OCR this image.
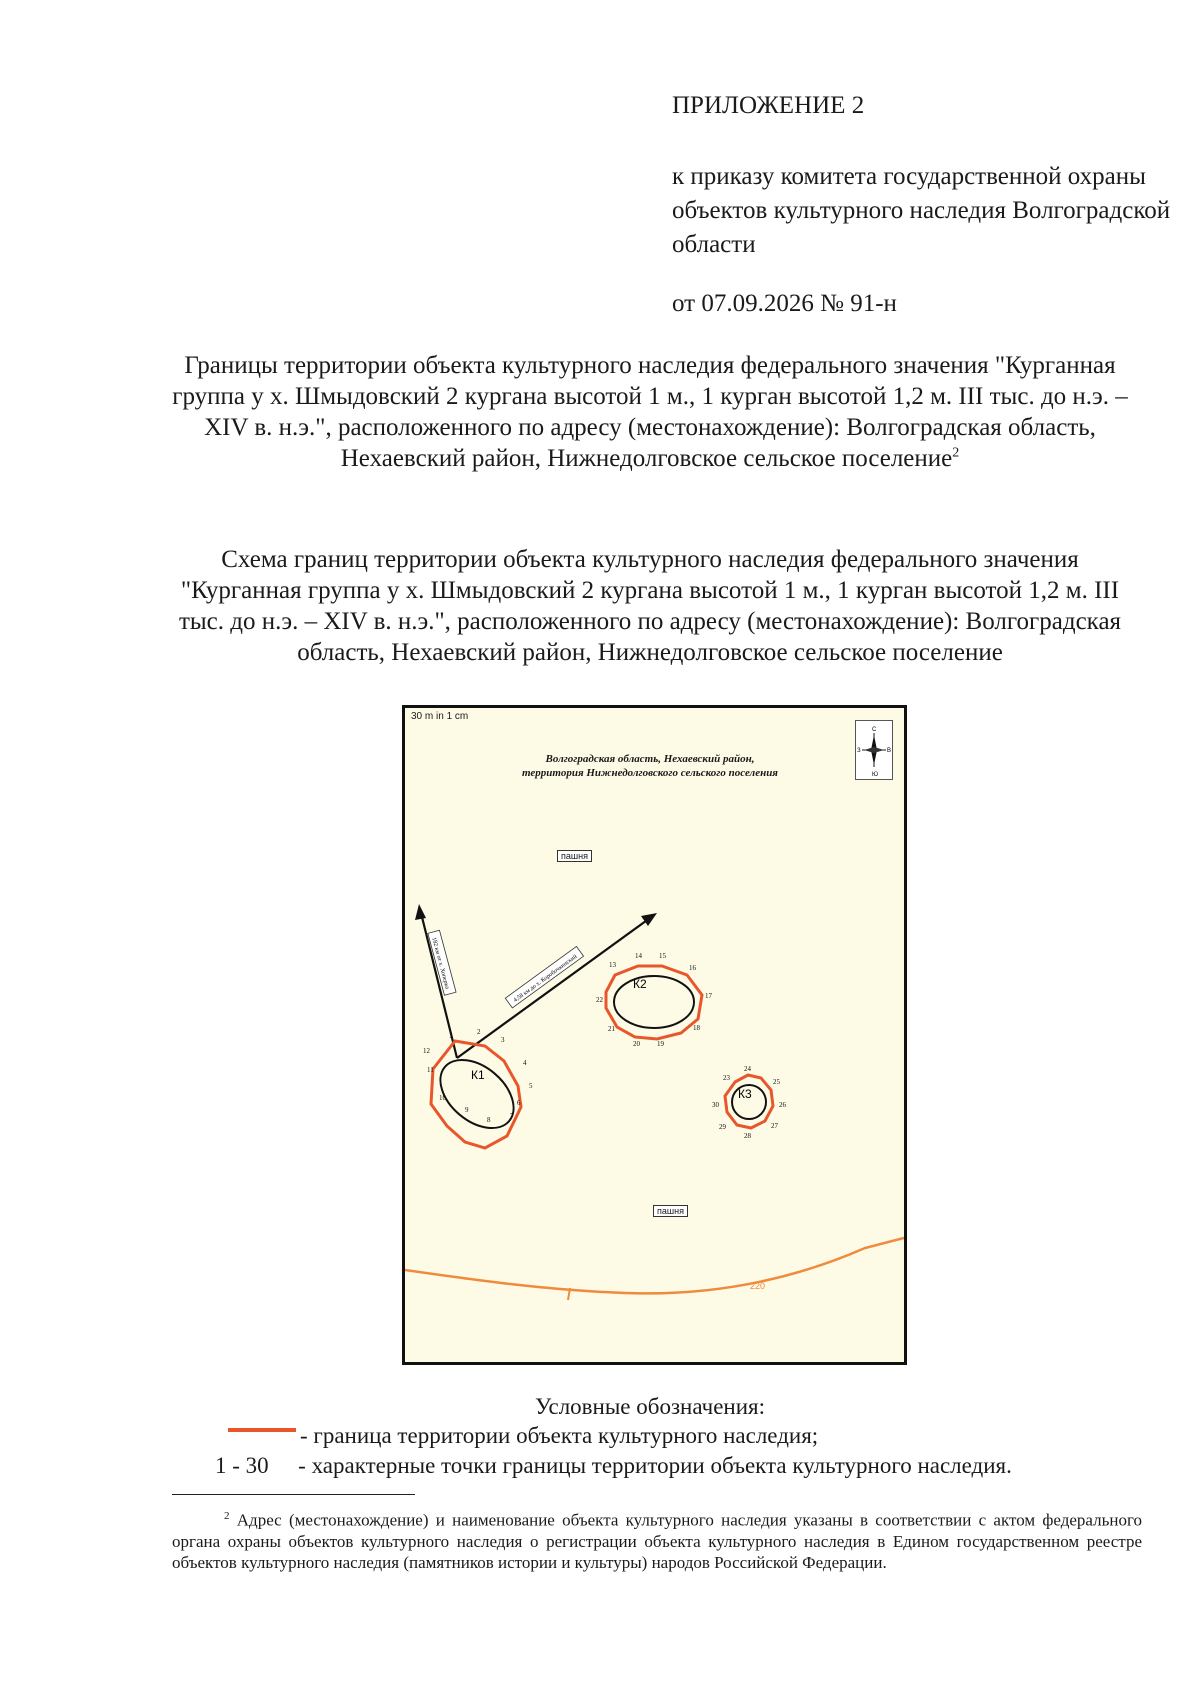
ПРИЛОЖЕНИЕ 2
к приказу комитета государственной охраны объектов культурного наследия Волгоградской области
от 07.09.2026 № 91-н
Границы территории объекта культурного наследия федерального значения "Курганная группа у х. Шмыдовский 2 кургана высотой 1 м., 1 курган высотой 1,2 м. III тыс. до н.э. – XIV в. н.э.", расположенного по адресу (местонахождение): Волгоградская область, Нехаевский район, Нижнедолговское сельское поселение$^2$
Схема границ территории объекта культурного наследия федерального значения "Курганная группа у х. Шмыдовский 2 кургана высотой 1 м., 1 курган высотой 1,2 м. III тыс. до н.э. – XIV в. н.э.", расположенного по адресу (местонахождение): Волгоградская область, Нехаевский район, Нижнедолговское сельское поселение
220
182 км от х. Хоперка	4,58 км до х. Коробочкинский
К1
1	2
3
4
5
6
7
8
9
10
11
12
К2
13
14 15
16
17
18
19
20
21
22
К3
23
24
25
26
27
28
29
30
30 m in 1 cm
С
Ю
З	В
Волгоградская область, Нехаевский район,
территория Нижнедолговского сельского поселения
пашня
пашня
Условные обозначения:
- граница территории объекта культурного наследия;
1 - 30 - характерные точки границы территории объекта культурного наследия.
$^2$ Адрес (местонахождение) и наименование объекта культурного наследия указаны в соответствии с актом федерального органа охраны объектов культурного наследия о регистрации объекта культурного наследия в Едином государственном реестре объектов культурного наследия (памятников истории и культуры) народов Российской Федерации.
